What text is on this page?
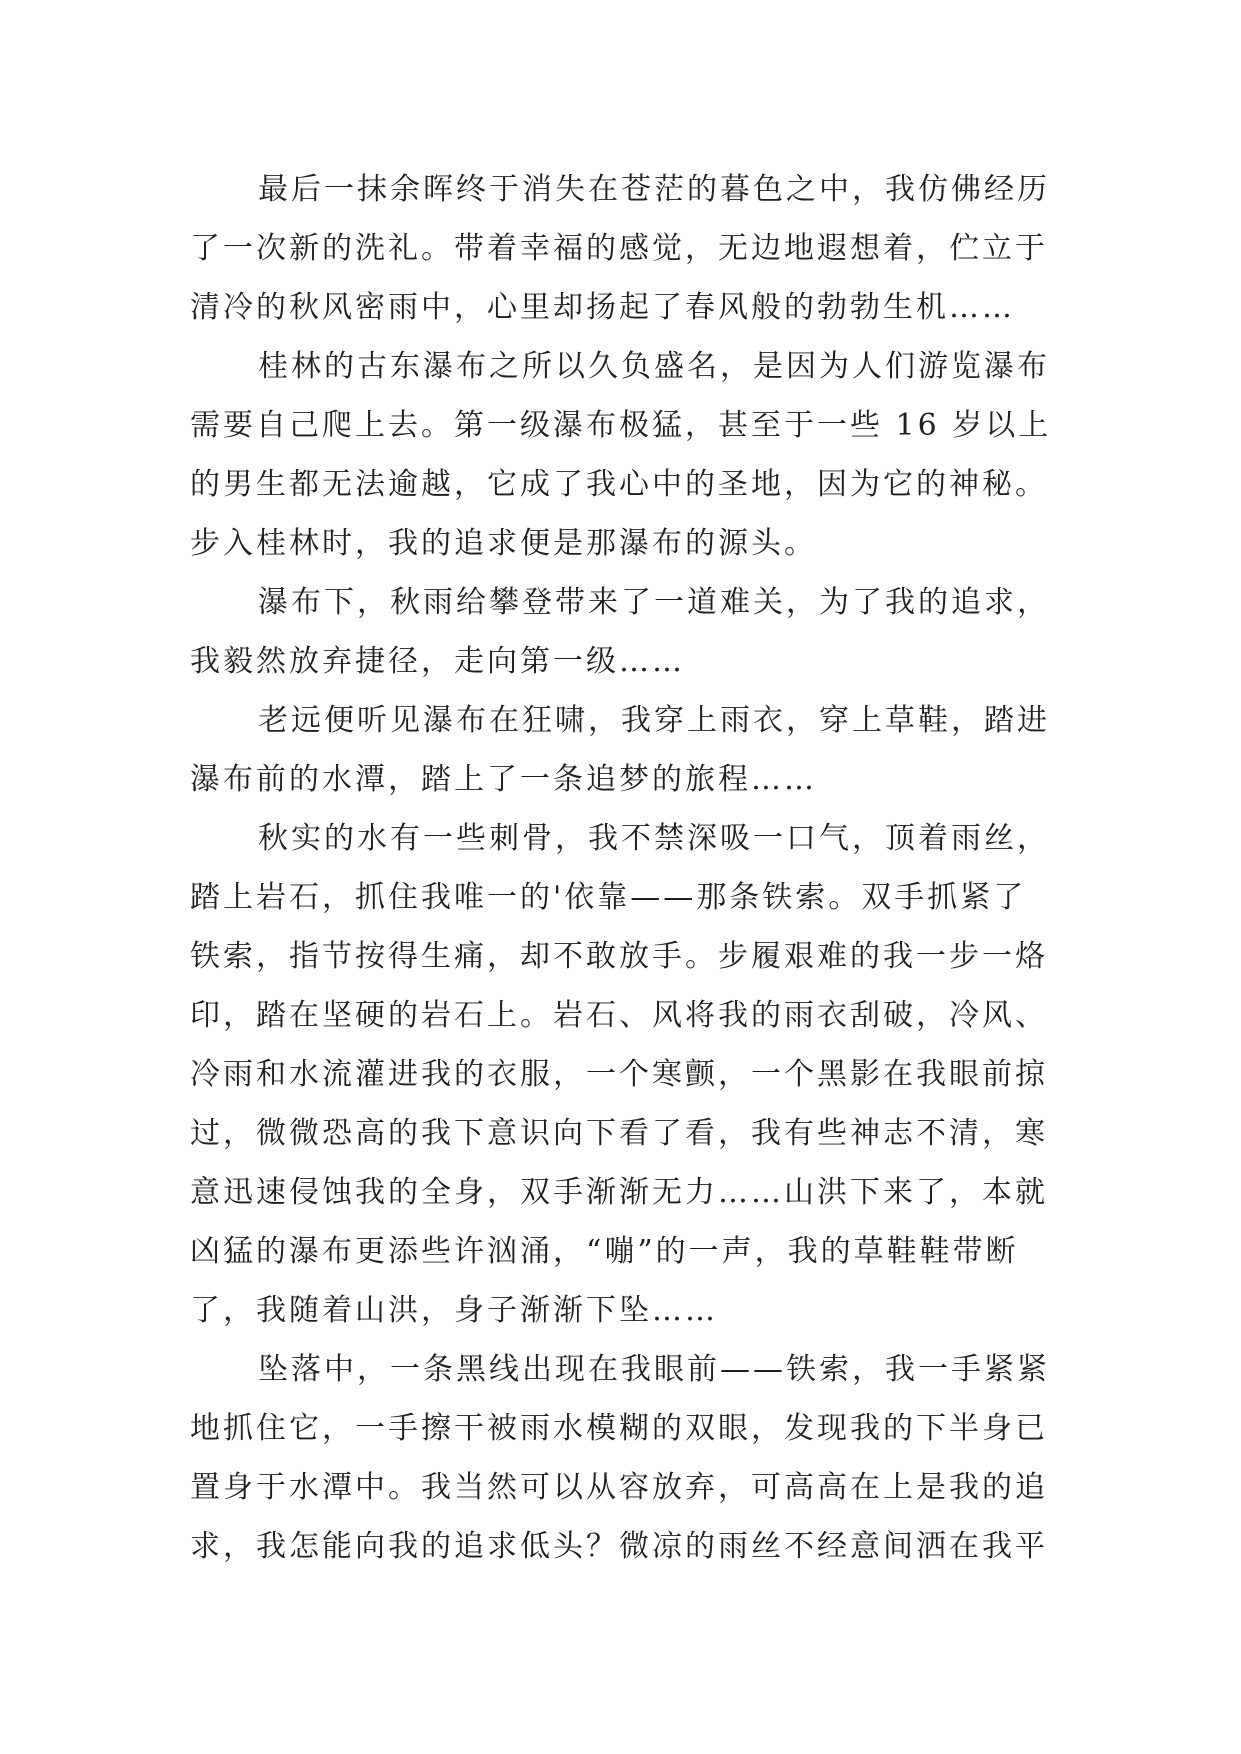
最后一抹余晖终于消失在苍茫的暮色之中，我仿佛经历
了一次新的洗礼。带着幸福的感觉，无边地遐想着，伫立于
清冷的秋风密雨中，心里却扬起了春风般的勃勃生机……
桂林的古东瀑布之所以久负盛名，是因为人们游览瀑布
需要自己爬上去。第一级瀑布极猛，甚至于一些 16 岁以上
的男生都无法逾越，它成了我心中的圣地，因为它的神秘。
步入桂林时，我的追求便是那瀑布的源头。
瀑布下，秋雨给攀登带来了一道难关，为了我的追求，
我毅然放弃捷径，走向第一级……
老远便听见瀑布在狂啸，我穿上雨衣，穿上草鞋，踏进
瀑布前的水潭，踏上了一条追梦的旅程……
秋实的水有一些刺骨，我不禁深吸一口气，顶着雨丝，
踏上岩石，抓住我唯一的'依靠——那条铁索。双手抓紧了
铁索，指节按得生痛，却不敢放手。步履艰难的我一步一烙
印，踏在坚硬的岩石上。岩石、风将我的雨衣刮破，冷风、
冷雨和水流灌进我的衣服，一个寒颤，一个黑影在我眼前掠
过，微微恐高的我下意识向下看了看，我有些神志不清，寒
意迅速侵蚀我的全身，双手渐渐无力……山洪下来了，本就
凶猛的瀑布更添些许汹涌，“嘣”的一声，我的草鞋鞋带断
了，我随着山洪，身子渐渐下坠……
坠落中，一条黑线出现在我眼前——铁索，我一手紧紧
地抓住它，一手擦干被雨水模糊的双眼，发现我的下半身已
置身于水潭中。我当然可以从容放弃，可高高在上是我的追
求，我怎能向我的追求低头？微凉的雨丝不经意间洒在我平
